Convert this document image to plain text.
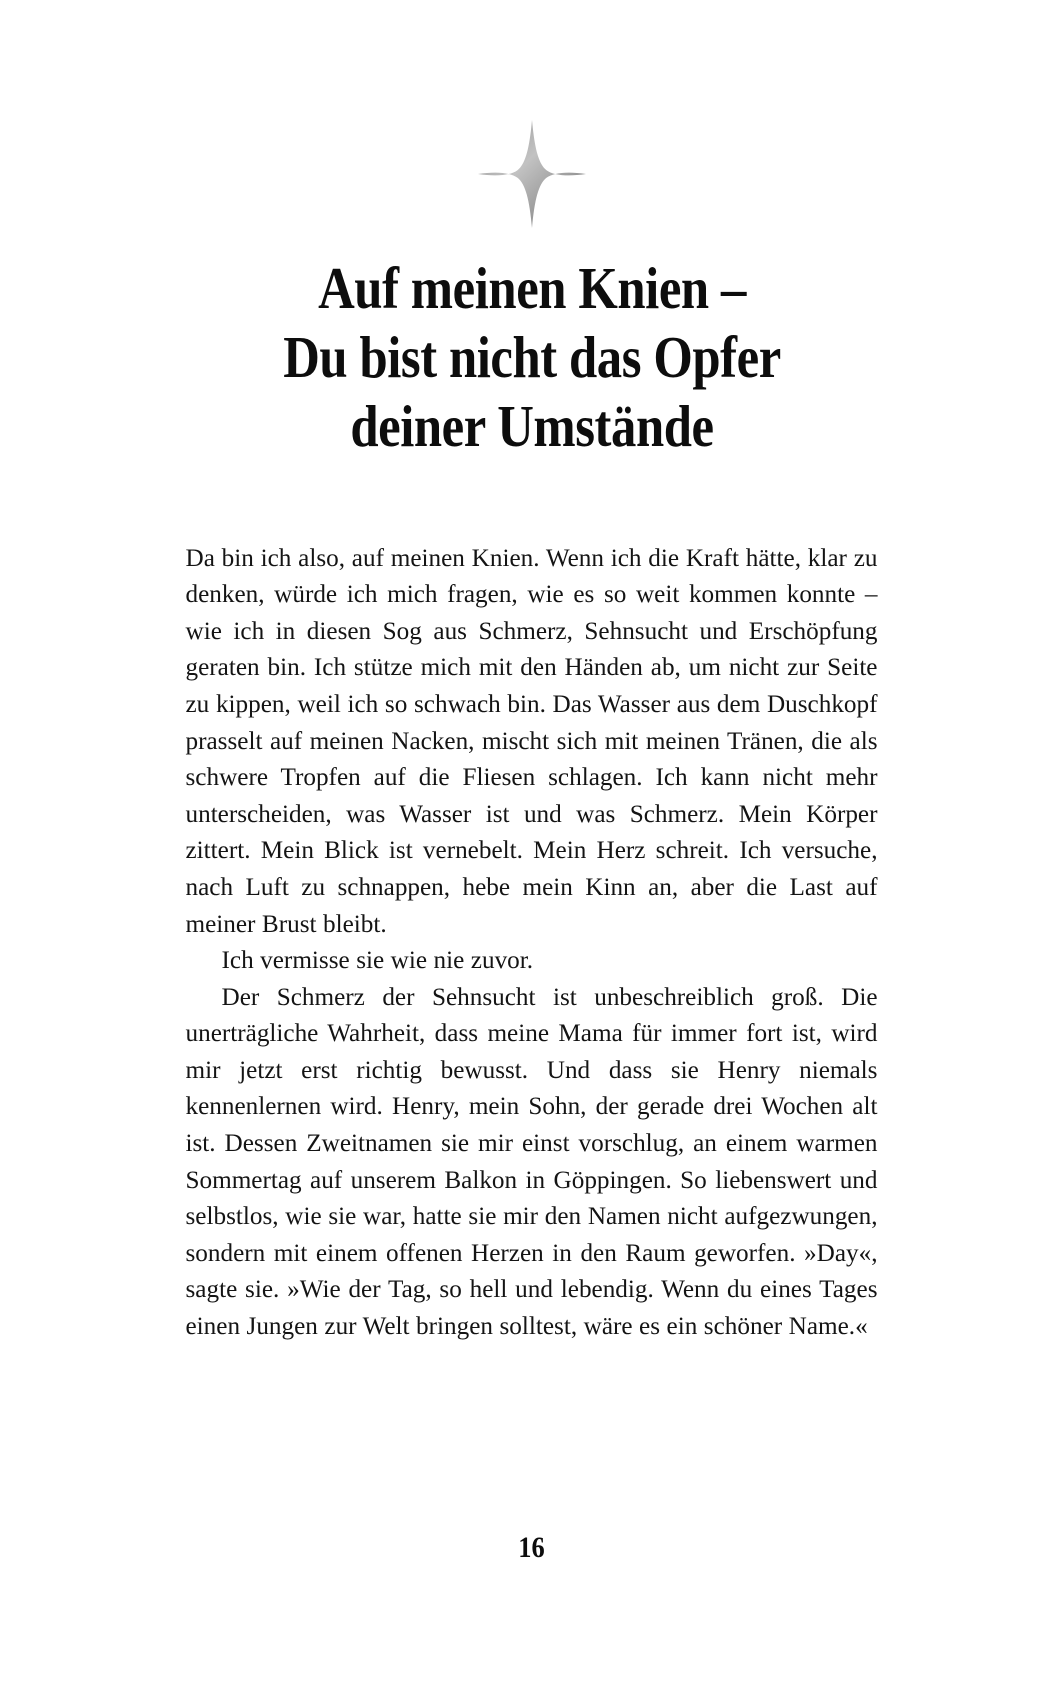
Auf meinen Knien –
Du bist nicht das Opfer
deiner Umstände

Da bin ich also, auf meinen Knien. Wenn ich die Kraft hätte, klar zu denken, würde ich mich fragen, wie es so weit kommen konnte – wie ich in diesen Sog aus Schmerz, Sehnsucht und Erschöpfung geraten bin. Ich stütze mich mit den Händen ab, um nicht zur Seite zu kippen, weil ich so schwach bin. Das Wasser aus dem Duschkopf prasselt auf meinen Nacken, mischt sich mit meinen Tränen, die als schwere Tropfen auf die Fliesen schlagen. Ich kann nicht mehr unterscheiden, was Wasser ist und was Schmerz. Mein Körper zittert. Mein Blick ist vernebelt. Mein Herz schreit. Ich versuche, nach Luft zu schnappen, hebe mein Kinn an, aber die Last auf meiner Brust bleibt.

Ich vermisse sie wie nie zuvor.

Der Schmerz der Sehnsucht ist unbeschreiblich groß. Die unerträgliche Wahrheit, dass meine Mama für immer fort ist, wird mir jetzt erst richtig bewusst. Und dass sie Henry niemals kennenlernen wird. Henry, mein Sohn, der gerade drei Wochen alt ist. Dessen Zweitnamen sie mir einst vorschlug, an einem warmen Sommertag auf unserem Balkon in Göppingen. So liebenswert und selbstlos, wie sie war, hatte sie mir den Namen nicht aufgezwungen, sondern mit einem offenen Herzen in den Raum geworfen. »Day«, sagte sie. »Wie der Tag, so hell und lebendig. Wenn du eines Tages einen Jungen zur Welt bringen solltest, wäre es ein schöner Name.«

16
